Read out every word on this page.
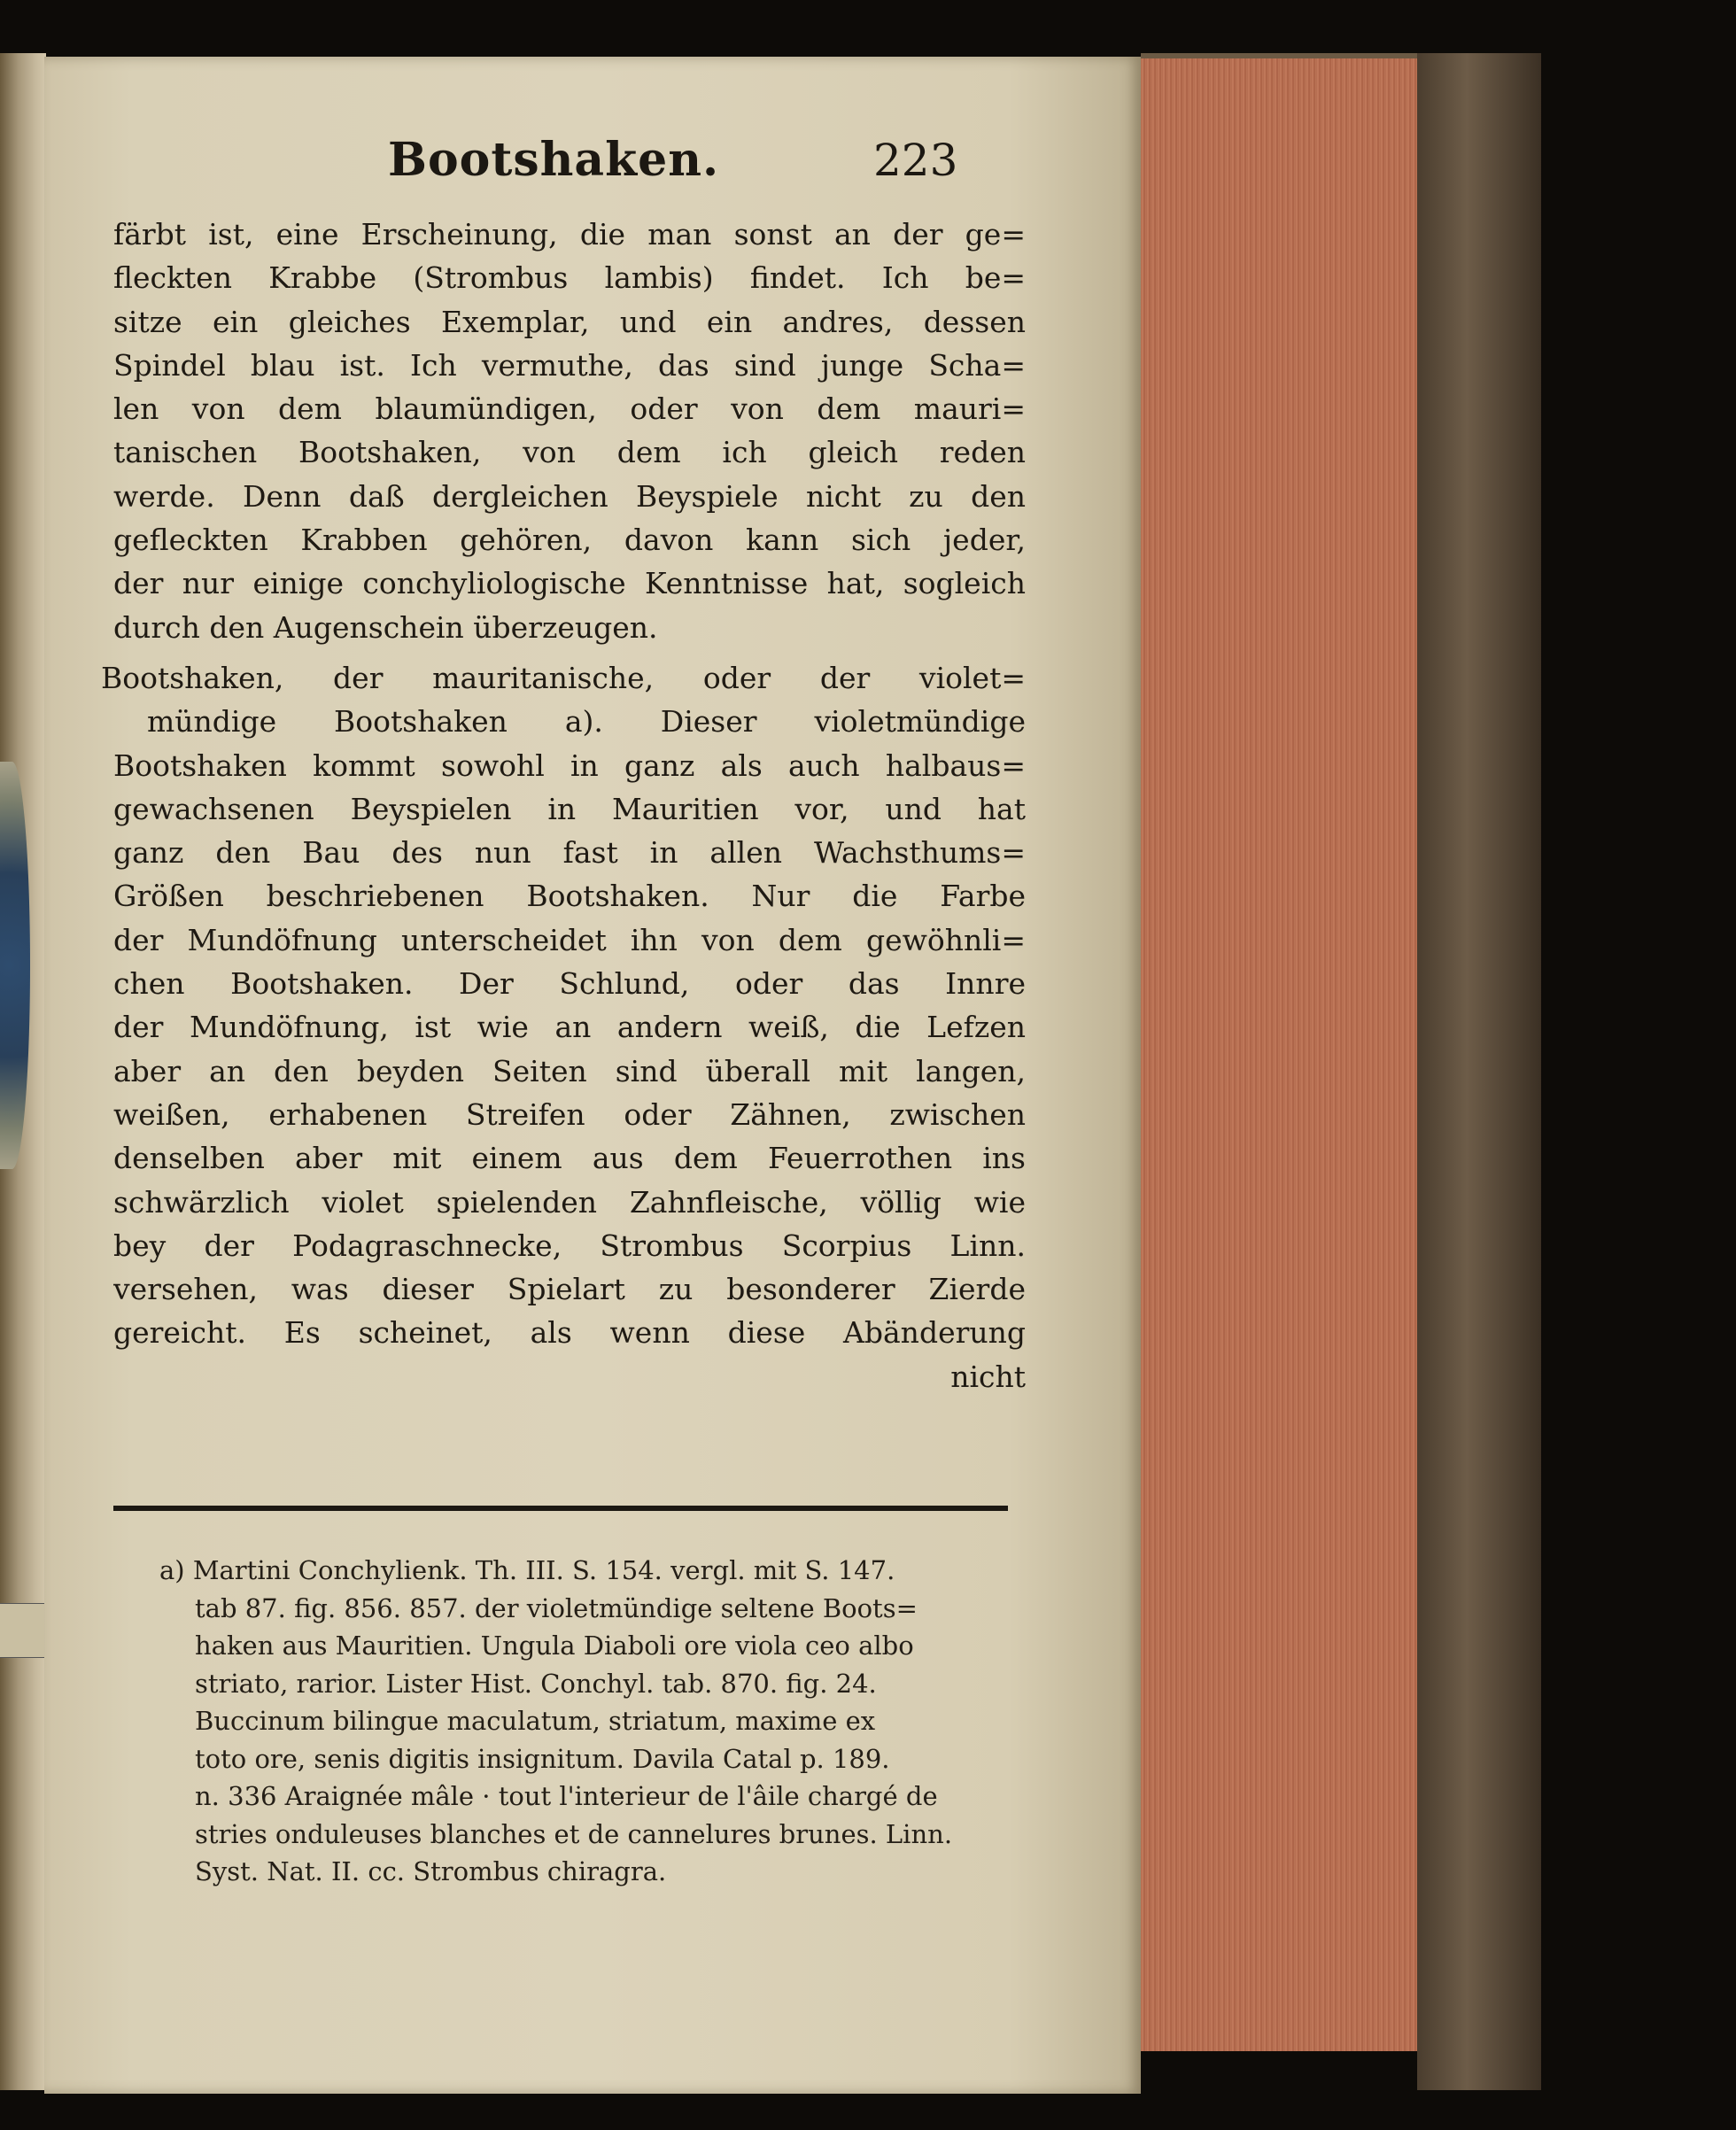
Bootshaken.	223
färbt ist, eine Erscheinung, die man sonst an der ge=
fleckten Krabbe (Strombus lambis) findet. Ich be=
sitze ein gleiches Exemplar, und ein andres, dessen
Spindel blau ist. Ich vermuthe, das sind junge Scha=
len von dem blaumündigen, oder von dem mauri=
tanischen Bootshaken, von dem ich gleich reden
werde. Denn daß dergleichen Beyspiele nicht zu den
gefleckten Krabben gehören, davon kann sich jeder,
der nur einige conchyliologische Kenntnisse hat, sogleich
durch den Augenschein überzeugen.
Bootshaken, der mauritanische, oder der violet=
mündige Bootshaken a). Dieser violetmündige
Bootshaken kommt sowohl in ganz als auch halbaus=
gewachsenen Beyspielen in Mauritien vor, und hat
ganz den Bau des nun fast in allen Wachsthums=
Größen beschriebenen Bootshaken. Nur die Farbe
der Mundöfnung unterscheidet ihn von dem gewöhnli=
chen Bootshaken. Der Schlund, oder das Innre
der Mundöfnung, ist wie an andern weiß, die Lefzen
aber an den beyden Seiten sind überall mit langen,
weißen, erhabenen Streifen oder Zähnen, zwischen
denselben aber mit einem aus dem Feuerrothen ins
schwärzlich violet spielenden Zahnfleische, völlig wie
bey der Podagraschnecke, Strombus Scorpius Linn.
versehen, was dieser Spielart zu besonderer Zierde
gereicht. Es scheinet, als wenn diese Abänderung
nicht
a) Martini Conchylienk. Th. III. S. 154. vergl. mit S. 147.
tab 87. fig. 856. 857. der violetmündige seltene Boots=
haken aus Mauritien. Ungula Diaboli ore viola ceo albo
striato, rarior. Lister Hist. Conchyl. tab. 870. fig. 24.
Buccinum bilingue maculatum, striatum, maxime ex
toto ore, senis digitis insignitum. Davila Catal p. 189.
n. 336 Araignée mâle · tout l'interieur de l'âile chargé de
stries onduleuses blanches et de cannelures brunes. Linn.
Syst. Nat. II. cc. Strombus chiragra.
